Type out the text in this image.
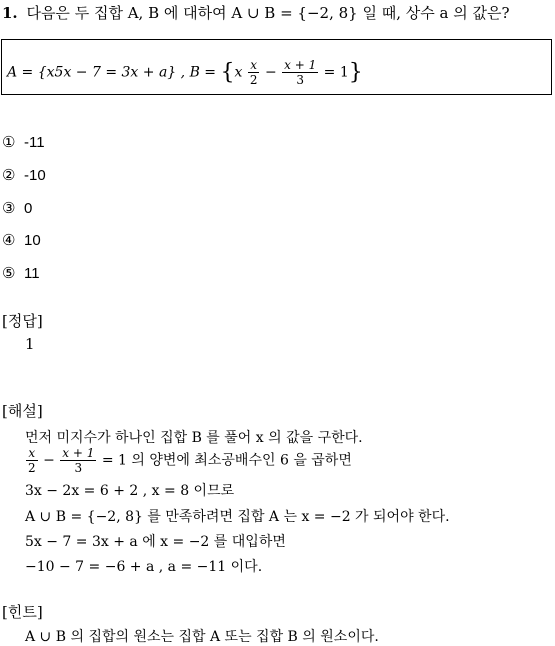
1. 다음은 두 집합 A, B 에 대하여 A ∪ B = {−2, 8} 일 때, 상수 a 의 값은?
A = {x5x − 7 = 3x + a} , $B = \{x \frac{x}{2} - \frac{x + 1}{3} = 1\}$
① -11
② -10
③ 0
④ 10
⑤ 11
[정답]
1
[해설]
먼저 미지수가 하나인 집합 B 를 풀어 x 의 값을 구한다.
$\frac{x}{2} - \frac{x + 1}{3} = 1$ 의 양변에 최소공배수인 6 을 곱하면
3x − 2x = 6 + 2 , x = 8 이므로
A ∪ B = {−2, 8} 를 만족하려면 집합 A 는 x = −2 가 되어야 한다.
5x − 7 = 3x + a 에 x = −2 를 대입하면
−10 − 7 = −6 + a , a = −11 이다.
[힌트]
A ∪ B 의 집합의 원소는 집합 A 또는 집합 B 의 원소이다.
